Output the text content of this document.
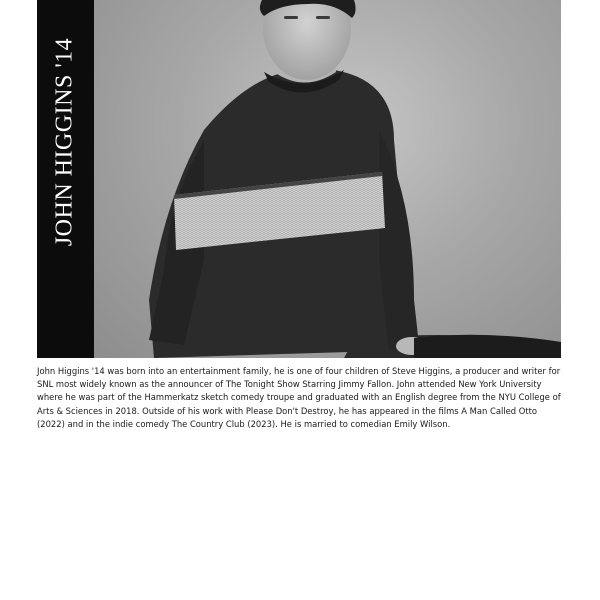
JOHN HIGGINS '14

John Higgins '14 was born into an entertainment family, he is one of four children of Steve Higgins, a producer and writer for SNL most widely known as the announcer of The Tonight Show Starring Jimmy Fallon. John attended New York University where he was part of the Hammerkatz sketch comedy troupe and graduated with an English degree from the NYU College of Arts & Sciences in 2018. Outside of his work with Please Don't Destroy, he has appeared in the films A Man Called Otto (2022) and in the indie comedy The Country Club (2023). He is married to comedian Emily Wilson.
